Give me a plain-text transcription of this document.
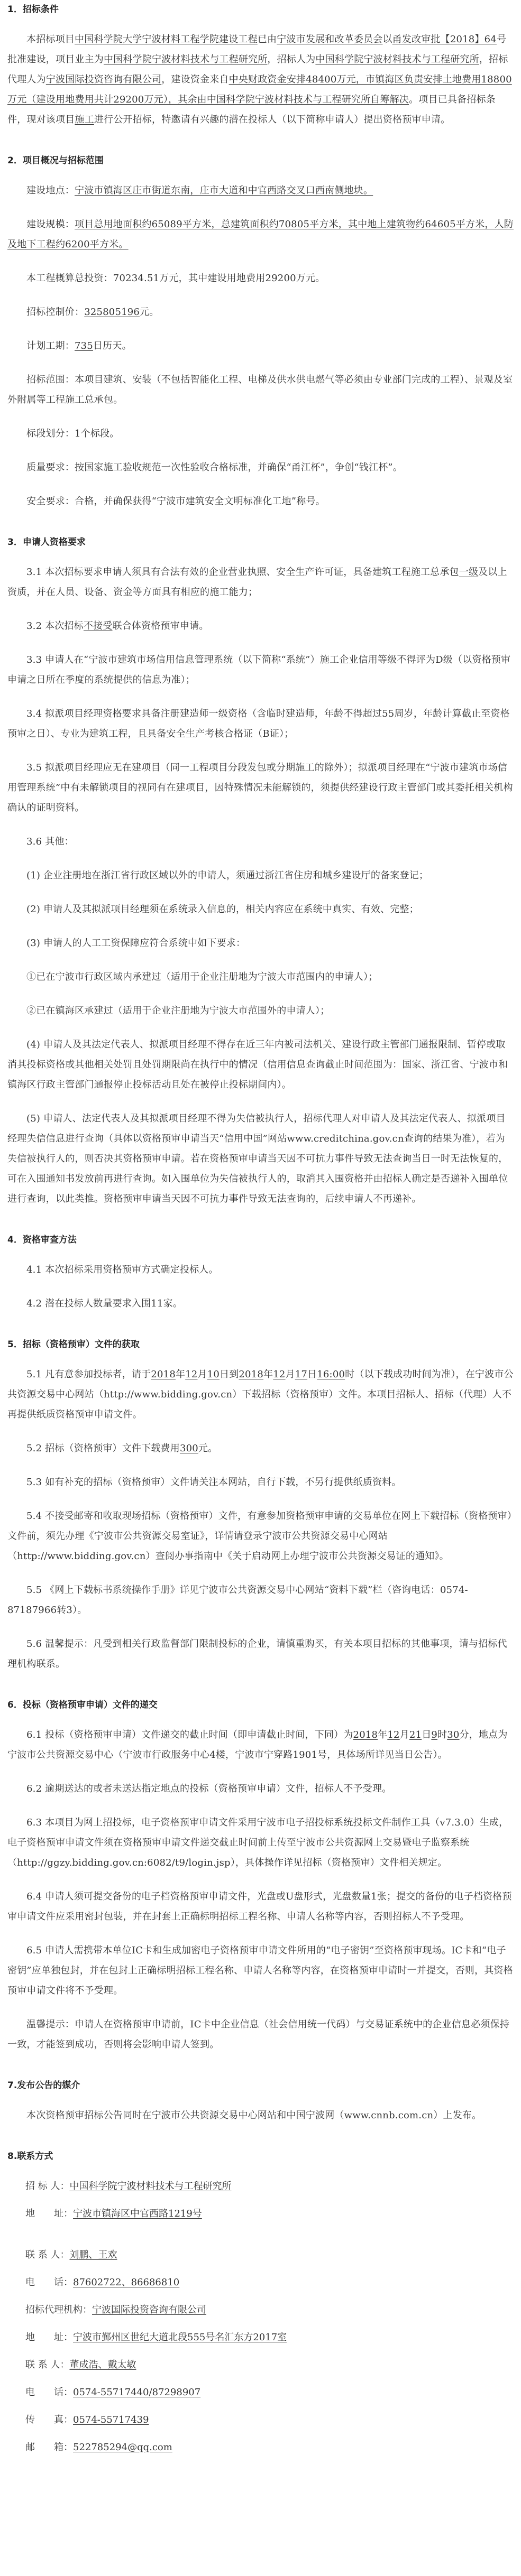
1．招标条件

本招标项目中国科学院大学宁波材料工程学院建设工程已由宁波市发展和改革委员会以甬发改审批【2018】64号批准建设，项目业主为中国科学院宁波材料技术与工程研究所，招标人为中国科学院宁波材料技术与工程研究所，招标代理人为宁波国际投资咨询有限公司，建设资金来自中央财政资金安排48400万元，市镇海区负责安排土地费用18800万元（建设用地费用共计29200万元），其余由中国科学院宁波材料技术与工程研究所自筹解决。项目已具备招标条件，现对该项目施工进行公开招标，特邀请有兴趣的潜在投标人（以下简称申请人）提出资格预审申请。

2．项目概况与招标范围

建设地点：宁波市镇海区庄市街道东南，庄市大道和中官西路交叉口西南侧地块。

建设规模：项目总用地面积约65089平方米，总建筑面积约70805平方米，其中地上建筑物约64605平方米，人防及地下工程约6200平方米。

本工程概算总投资：70234.51万元，其中建设用地费用29200万元。

招标控制价：325805196元。

计划工期：735日历天。

招标范围：本项目建筑、安装（不包括智能化工程、电梯及供水供电燃气等必须由专业部门完成的工程）、景观及室外附属等工程施工总承包。

标段划分：1个标段。

质量要求：按国家施工验收规范一次性验收合格标准，并确保“甬江杯”，争创“钱江杯”。

安全要求：合格，并确保获得“宁波市建筑安全文明标准化工地”称号。

3．申请人资格要求

3.1 本次招标要求申请人须具有合法有效的企业营业执照、安全生产许可证，具备建筑工程施工总承包一级及以上资质，并在人员、设备、资金等方面具有相应的施工能力；

3.2 本次招标不接受联合体资格预审申请。

3.3 申请人在“宁波市建筑市场信用信息管理系统（以下简称“系统”）施工企业信用等级不得评为D级（以资格预审申请之日所在季度的系统提供的信息为准）；

3.4 拟派项目经理资格要求具备注册建造师一级资格（含临时建造师，年龄不得超过55周岁，年龄计算截止至资格预审之日）、专业为建筑工程，且具备安全生产考核合格证（B证）；

3.5 拟派项目经理应无在建项目（同一工程项目分段发包或分期施工的除外）；拟派项目经理在“宁波市建筑市场信用管理系统”中有未解锁项目的视同有在建项目，因特殊情况未能解锁的，须提供经建设行政主管部门或其委托相关机构确认的证明资料。

3.6 其他：

(1) 企业注册地在浙江省行政区域以外的申请人，须通过浙江省住房和城乡建设厅的备案登记；

(2) 申请人及其拟派项目经理须在系统录入信息的，相关内容应在系统中真实、有效、完整；

(3) 申请人的人工工资保障应符合系统中如下要求：

①已在宁波市行政区域内承建过（适用于企业注册地为宁波大市范围内的申请人）；

②已在镇海区承建过（适用于企业注册地为宁波大市范围外的申请人）；

(4) 申请人及其法定代表人、拟派项目经理不得存在近三年内被司法机关、建设行政主管部门通报限制、暂停或取消其投标资格或其他相关处罚且处罚期限尚在执行中的情况（信用信息查询截止时间范围为：国家、浙江省、宁波市和镇海区行政主管部门通报停止投标活动且处在被停止投标期间内）。

(5) 申请人、法定代表人及其拟派项目经理不得为失信被执行人，招标代理人对申请人及其法定代表人、拟派项目经理失信信息进行查询（具体以资格预审申请当天“信用中国”网站www.creditchina.gov.cn查询的结果为准），若为失信被执行人的，则否决其资格预审申请。若在资格预审申请当天因不可抗力事件导致无法查询当日一时无法恢复的，可在入围通知书发放前再进行查询。如入围单位为失信被执行人的，取消其入围资格并由招标人确定是否递补入围单位进行查询，以此类推。资格预审申请当天因不可抗力事件导致无法查询的，后续申请人不再递补。

4．资格审查方法

4.1 本次招标采用资格预审方式确定投标人。

4.2 潜在投标人数量要求入围11家。

5．招标（资格预审）文件的获取

5.1 凡有意参加投标者，请于2018年12月10日到2018年12月17日16:00时（以下载成功时间为准），在宁波市公共资源交易中心网站（http://www.bidding.gov.cn）下载招标（资格预审）文件。本项目招标人、招标（代理）人不再提供纸质资格预审申请文件。

5.2 招标（资格预审）文件下载费用300元。

5.3 如有补充的招标（资格预审）文件请关注本网站，自行下载，不另行提供纸质资料。

5.4 不接受邮寄和收取现场招标（资格预审）文件，有意参加资格预审申请的交易单位在网上下载招标（资格预审）文件前，须先办理《宁波市公共资源交易室证》，详情请登录宁波市公共资源交易中心网站（http://www.bidding.gov.cn）查阅办事指南中《关于启动网上办理宁波市公共资源交易证的通知》。

5.5 《网上下载标书系统操作手册》详见宁波市公共资源交易中心网站“资料下载”栏（咨询电话：0574-87187966转3）。

5.6 温馨提示：凡受到相关行政监督部门限制投标的企业，请慎重购买，有关本项目招标的其他事项，请与招标代理机构联系。

6．投标（资格预审申请）文件的递交

6.1 投标（资格预审申请）文件递交的截止时间（即申请截止时间，下同）为2018年12月21日9时30分，地点为宁波市公共资源交易中心（宁波市行政服务中心4楼，宁波市宁穿路1901号，具体场所详见当日公告）。

6.2 逾期送达的或者未送达指定地点的投标（资格预审申请）文件，招标人不予受理。

6.3 本项目为网上招投标，电子资格预审申请文件采用宁波市电子招投标系统投标文件制作工具（v7.3.0）生成，电子资格预审申请文件须在资格预审申请文件递交截止时间前上传至宁波市公共资源网上交易暨电子监察系统（http://ggzy.bidding.gov.cn:6082/t9/login.jsp），具体操作详见招标（资格预审）文件相关规定。

6.4 申请人须可提交备份的电子档资格预审申请文件，光盘或U盘形式，光盘数量1张；提交的备份的电子档资格预审申请文件应采用密封包装，并在封套上正确标明招标工程名称、申请人名称等内容，否则招标人不予受理。

6.5 申请人需携带本单位IC卡和生成加密电子资格预审申请文件所用的“电子密钥”至资格预审现场。IC卡和“电子密钥”应单独包封，并在包封上正确标明招标工程名称、申请人名称等内容，在资格预审申请时一并提交，否则，其资格预审申请文件将不予受理。

温馨提示：申请人在资格预审申请前，IC卡中企业信息（社会信用统一代码）与交易证系统中的企业信息必须保持一致，才能签到成功，否则将会影响申请人签到。

7.发布公告的媒介

本次资格预审招标公告同时在宁波市公共资源交易中心网站和中国宁波网（www.cnnb.com.cn）上发布。

8.联系方式
招 标 人：中国科学院宁波材料技术与工程研究所
地　　址：宁波市镇海区中官西路1219号
联 系 人：刘鹏、王欢
电　　话：87602722、86686810
招标代理机构：宁波国际投资咨询有限公司
地　　址：宁波市鄞州区世纪大道北段555号名汇东方2017室
联 系 人：董成浩、戴太敏
电　　话：0574-55717440/87298907
传　　真：0574-55717439
邮　　箱：522785294@qq.com
